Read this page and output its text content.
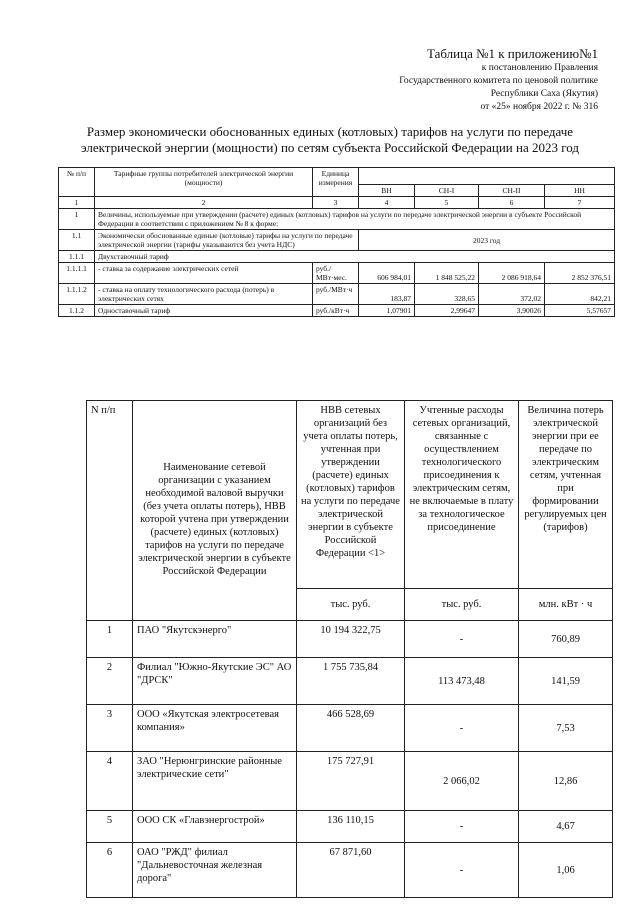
Таблица №1 к приложению№1
к постановлению Правления
Государственного комитета по ценовой политике
Республики Саха (Якутия)
от «25» ноября 2022 г. № 316
Размер экономически обоснованных единых (котловых) тарифов на услуги по передаче электрической энергии (мощности) по сетям субъекта Российской Федерации на 2023 год
№ п/п	Тарифные группы потребителей электрической энергии (мощности)	Единица измерения				
			ВН	СН-I	СН-II	НН
1	2	3	4	5	6	7
1	Величины, используемые при утверждении (расчете) единых (котловых) тарифов на услуги по передаче электрической энергии в субъекте Российской Федерации в соответствии с приложением № 8 к форме:					
1.1	Экономически обоснованные единые (котловые) тарифы на услуги по передаче электрической энергии (тарифы указываются без учета НДС)		2023 год			
1.1.1	Двухставочный тариф					
1.1.1.1	- ставка за содержание электрических сетей	руб./МВт·мес.	606 984,01	1 848 525,22	2 086 918,64	2 852 376,51
1.1.1.2	- ставка на оплату технологического расхода (потерь) в электрических сетях	руб./МВт·ч	183,87	328,65	372,02	842,21
1.1.2	Одноставочный тариф	руб./кВт·ч	1,07901	2,99647	3,90026	5,57657
N п/п	Наименование сетевой организации с указанием необходимой валовой выручки (без учета оплаты потерь), НВВ которой учтена при утверждении (расчете) единых (котловых) тарифов на услуги по передаче электрической энергии в субъекте Российской Федерации	НВВ сетевых организаций без учета оплаты потерь, учтенная при утверждении (расчете) единых (котловых) тарифов на услуги по передаче электрической энергии в субъекте Российской Федерации <1>	Учтенные расходы сетевых организаций, связанные с осуществлением технологического присоединения к электрическим сетям, не включаемые в плату за технологическое присоединение	Величина потерь электрической энергии при ее передаче по электрическим сетям, учтенная при формировании регулируемых цен (тарифов)
		тыс. руб.	тыс. руб.	млн. кВт · ч
1	ПАО "Якутскэнерго"	10 194 322,75	-	760,89
2	Филиал "Южно-Якутские ЭС" АО "ДРСК"	1 755 735,84	113 473,48	141,59
3	ООО «Якутская электросетевая компания»	466 528,69	-	7,53
4	ЗАО "Нерюнгринские районные электрические сети"	175 727,91	2 066,02	12,86
5	ООО СК «Главэнергострой»	136 110,15	-	4,67
6	ОАО "РЖД" филиал "Дальневосточная железная дорога"	67 871,60	-	1,06
